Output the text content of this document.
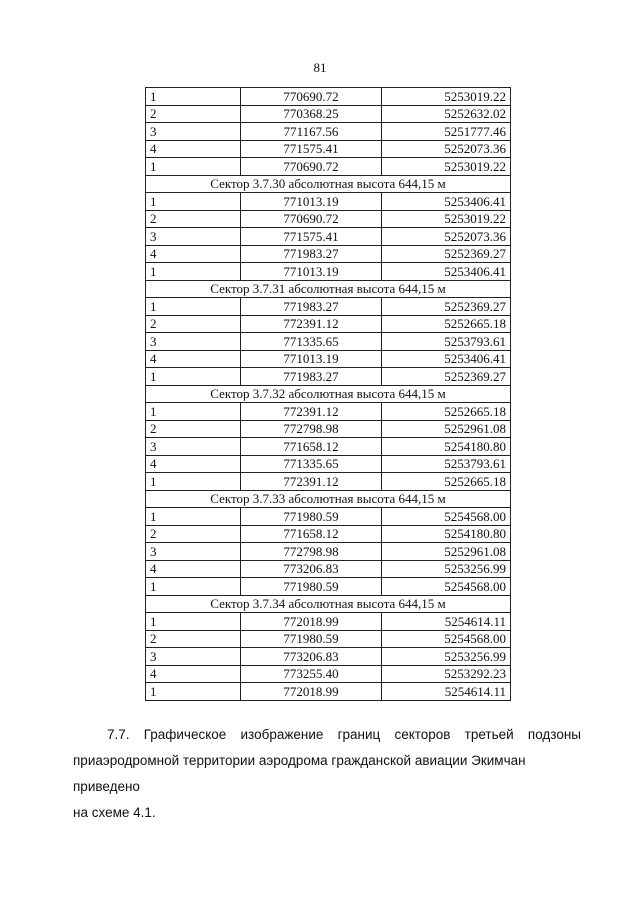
81
1	770690.72	5253019.22
2	770368.25	5252632.02
3	771167.56	5251777.46
4	771575.41	5252073.36
1	770690.72	5253019.22
Сектор 3.7.30 абсолютная высота 644,15 м		
1	771013.19	5253406.41
2	770690.72	5253019.22
3	771575.41	5252073.36
4	771983.27	5252369.27
1	771013.19	5253406.41
Сектор 3.7.31 абсолютная высота 644,15 м		
1	771983.27	5252369.27
2	772391.12	5252665.18
3	771335.65	5253793.61
4	771013.19	5253406.41
1	771983.27	5252369.27
Сектор 3.7.32 абсолютная высота 644,15 м		
1	772391.12	5252665.18
2	772798.98	5252961.08
3	771658.12	5254180.80
4	771335.65	5253793.61
1	772391.12	5252665.18
Сектор 3.7.33 абсолютная высота 644,15 м		
1	771980.59	5254568.00
2	771658.12	5254180.80
3	772798.98	5252961.08
4	773206.83	5253256.99
1	771980.59	5254568.00
Сектор 3.7.34 абсолютная высота 644,15 м		
1	772018.99	5254614.11
2	771980.59	5254568.00
3	773206.83	5253256.99
4	773255.40	5253292.23
1	772018.99	5254614.11
7.7. Графическое изображение границ секторов третьей подзоны
приаэродромной территории аэродрома гражданской авиации Экимчан приведено
на схеме 4.1.
